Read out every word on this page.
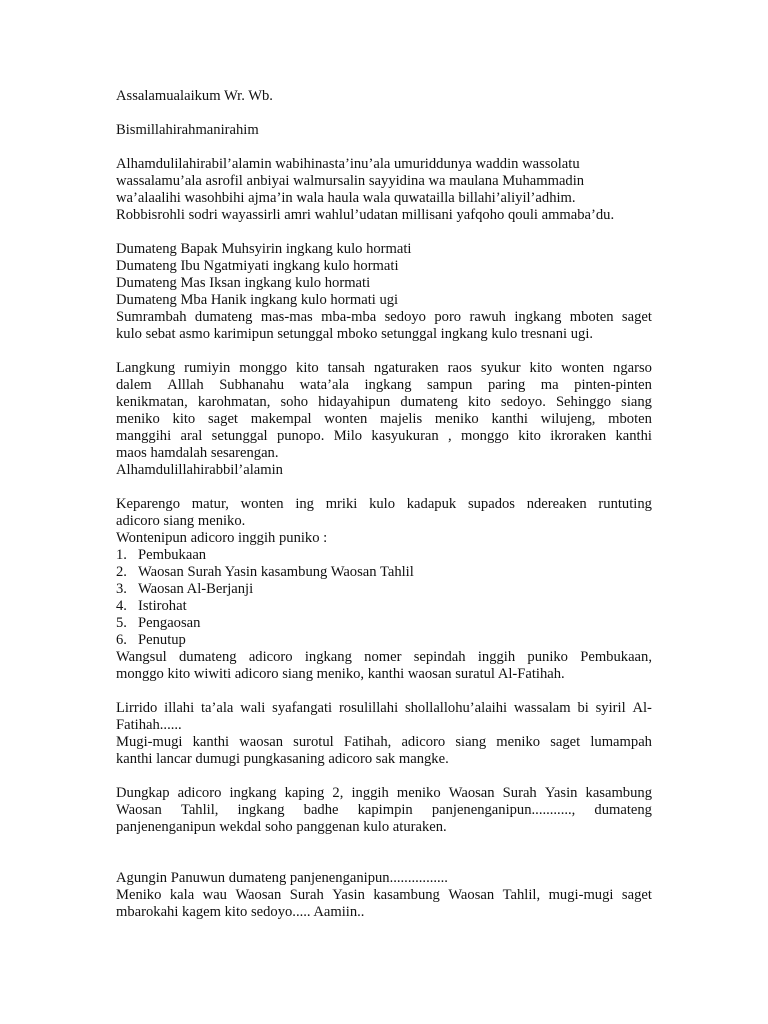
Assalamualaikum Wr. Wb.
Bismillahirahmanirahim
Alhamdulilahirabil’alamin wabihinasta’inu’ala umuriddunya waddin wassolatu
wassalamu’ala asrofil anbiyai walmursalin sayyidina wa maulana Muhammadin
wa’alaalihi wasohbihi ajma’in wala haula wala quwatailla billahi’aliyil’adhim.
Robbisrohli sodri wayassirli amri wahlul’udatan millisani yafqoho qouli ammaba’du.
Dumateng Bapak Muhsyirin ingkang kulo hormati
Dumateng Ibu Ngatmiyati ingkang kulo hormati
Dumateng Mas Iksan ingkang kulo hormati
Dumateng Mba Hanik ingkang kulo hormati ugi
Sumrambah dumateng mas-mas mba-mba sedoyo poro rawuh ingkang mboten saget
kulo sebat asmo karimipun setunggal mboko setunggal ingkang kulo tresnani ugi.
Langkung rumiyin monggo kito tansah ngaturaken raos syukur kito wonten ngarso
dalem Alllah Subhanahu wata’ala ingkang sampun paring ma pinten-pinten
kenikmatan, karohmatan, soho hidayahipun dumateng kito sedoyo. Sehinggo siang
meniko kito saget makempal wonten majelis meniko kanthi wilujeng, mboten
manggihi aral setunggal punopo. Milo kasyukuran , monggo kito ikroraken kanthi
maos hamdalah sesarengan.
Alhamdulillahirabbil’alamin
Keparengo matur, wonten ing mriki kulo kadapuk supados ndereaken runtuting
adicoro siang meniko.
Wontenipun adicoro inggih puniko :
1. Pembukaan
2. Waosan Surah Yasin kasambung Waosan Tahlil
3. Waosan Al-Berjanji
4. Istirohat
5. Pengaosan
6. Penutup
Wangsul dumateng adicoro ingkang nomer sepindah inggih puniko Pembukaan,
monggo kito wiwiti adicoro siang meniko, kanthi waosan suratul Al-Fatihah.
Lirrido illahi ta’ala wali syafangati rosulillahi shollallohu’alaihi wassalam bi syiril Al-
Fatihah......
Mugi-mugi kanthi waosan surotul Fatihah, adicoro siang meniko saget lumampah
kanthi lancar dumugi pungkasaning adicoro sak mangke.
Dungkap adicoro ingkang kaping 2, inggih meniko Waosan Surah Yasin kasambung
Waosan Tahlil, ingkang badhe kapimpin panjenenganipun..........., dumateng
panjenenganipun wekdal soho panggenan kulo aturaken.
Agungin Panuwun dumateng panjenenganipun................
Meniko kala wau Waosan Surah Yasin kasambung Waosan Tahlil, mugi-mugi saget
mbarokahi kagem kito sedoyo..... Aamiin..
